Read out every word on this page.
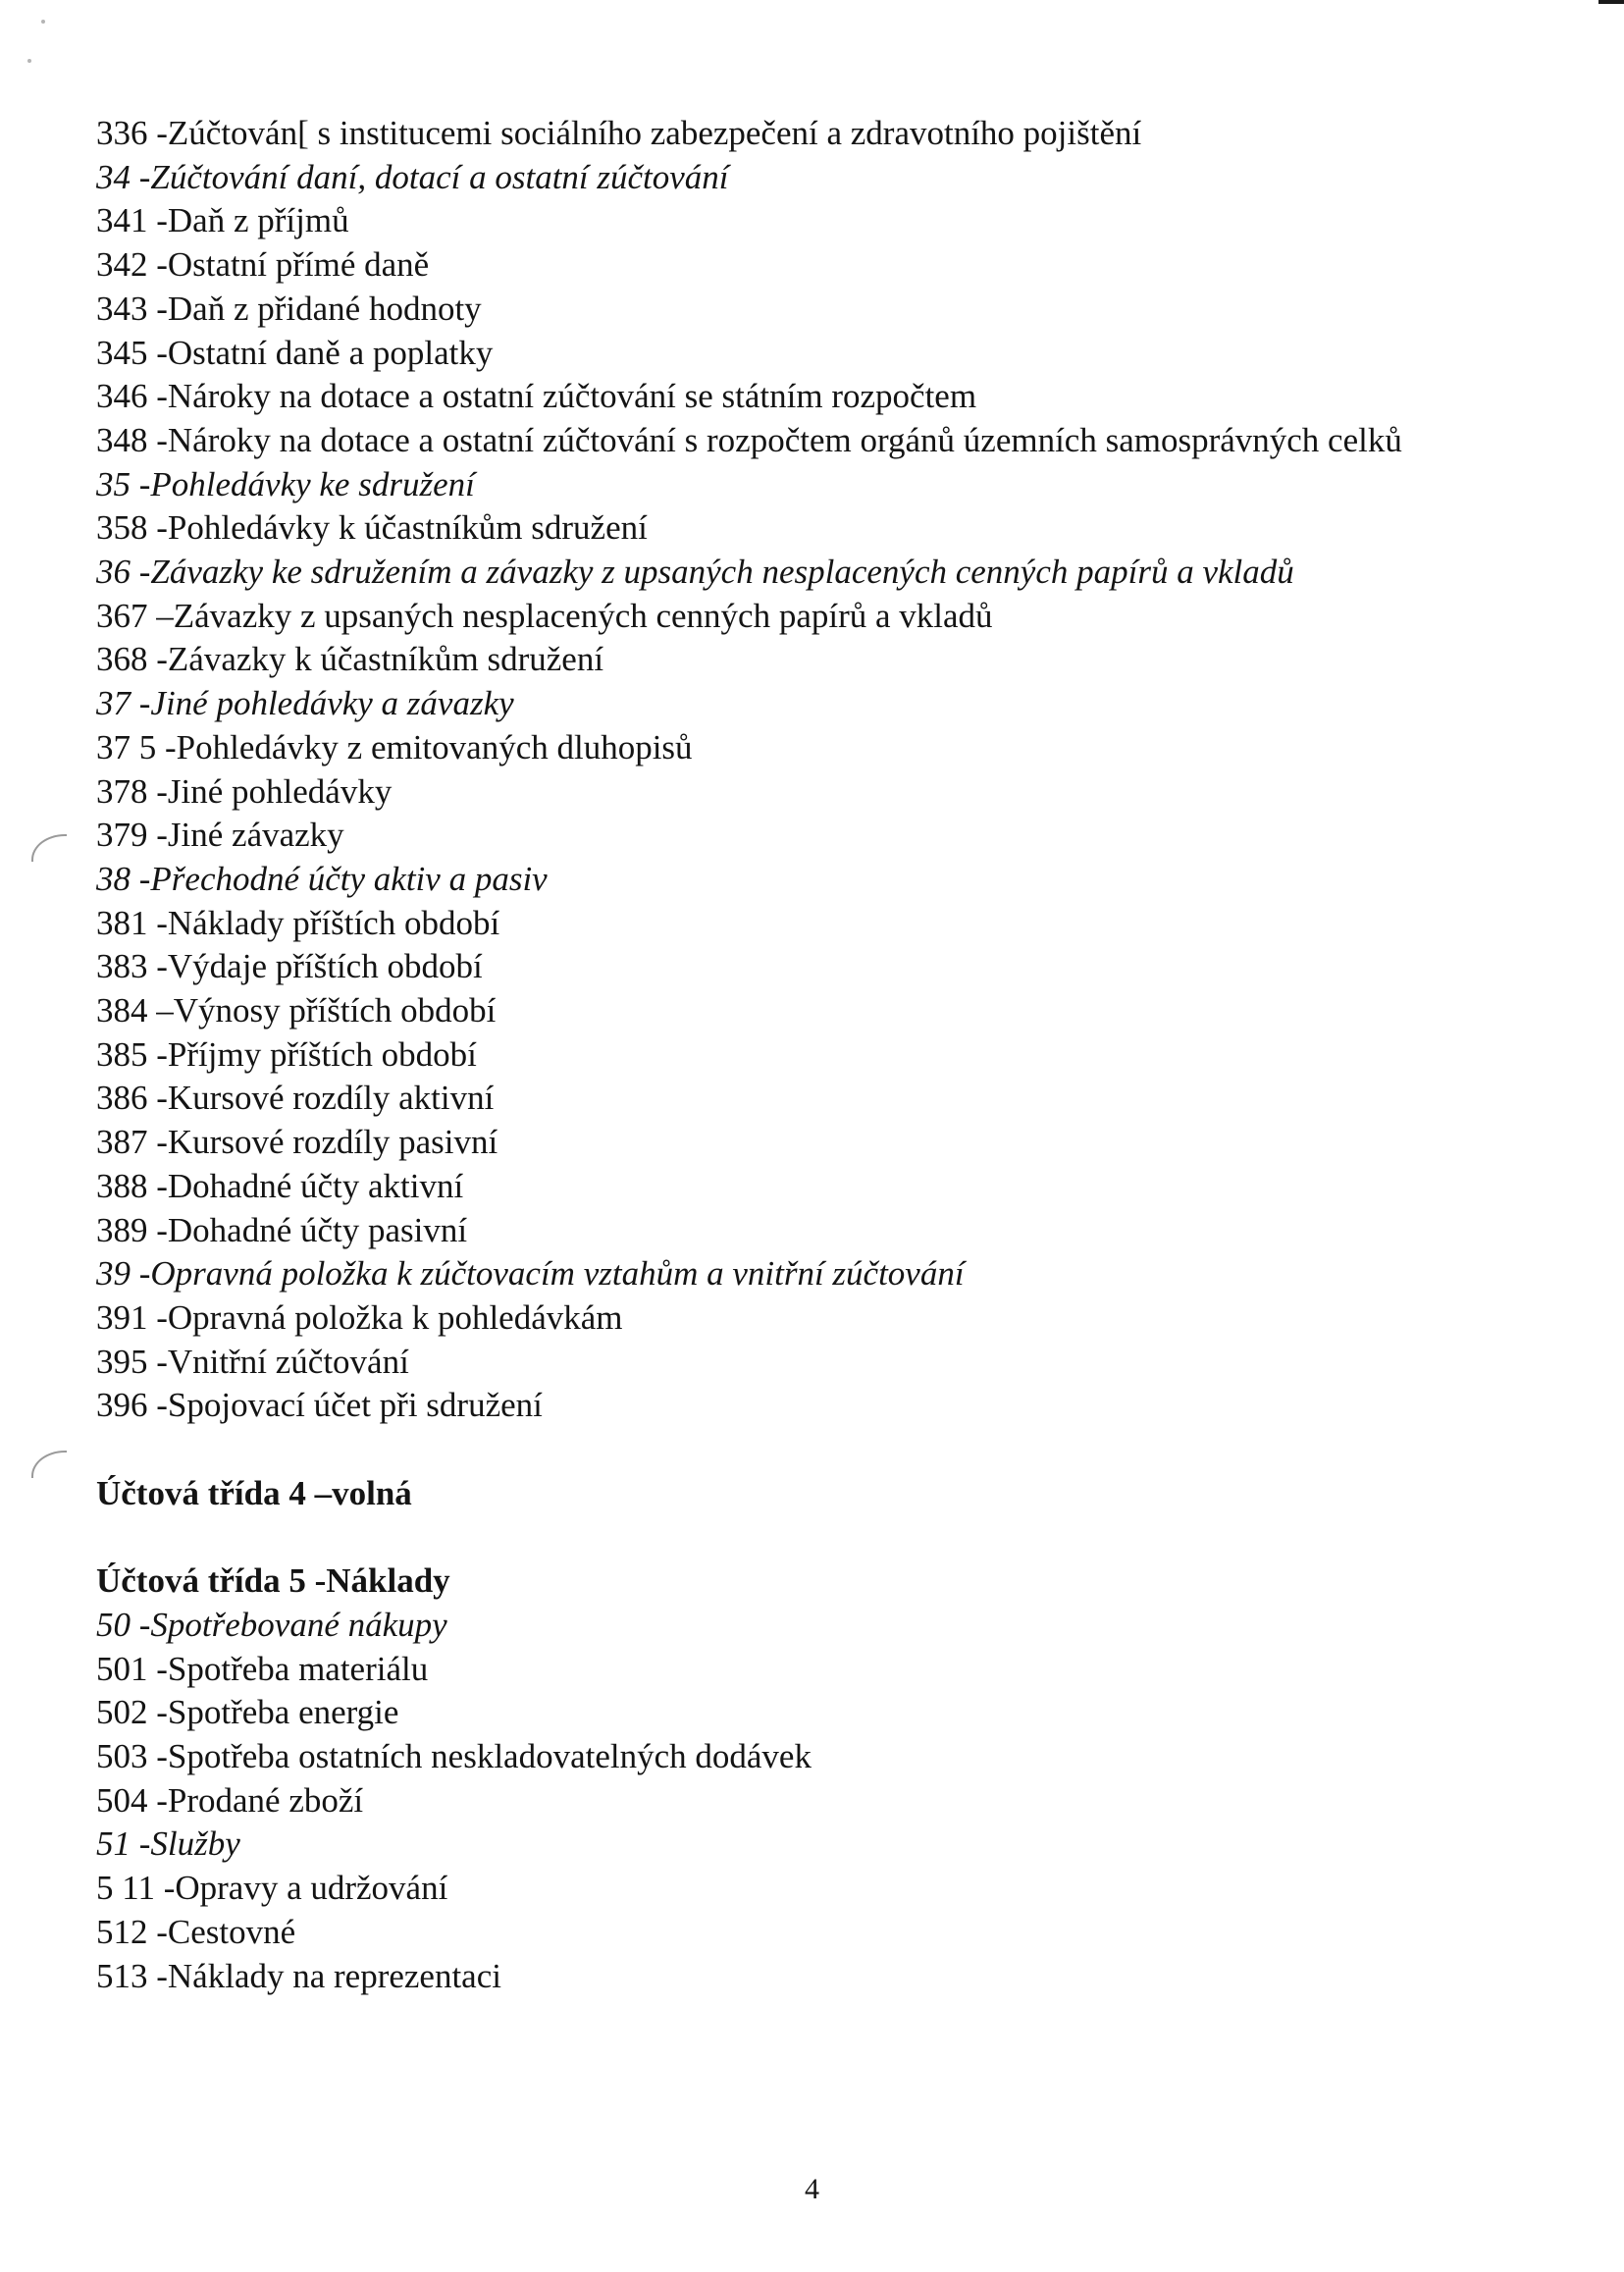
336 -Zúčtován[ s institucemi sociálního zabezpečení a zdravotního pojištění
34 -Zúčtování daní, dotací a ostatní zúčtování
341 -Daň z příjmů
342 -Ostatní přímé daně
343 -Daň z přidané hodnoty
345 -Ostatní daně a poplatky
346 -Nároky na dotace a ostatní zúčtování se státním rozpočtem
348 -Nároky na dotace a ostatní zúčtování s rozpočtem orgánů územních samosprávných celků
35 -Pohledávky ke sdružení
358 -Pohledávky k účastníkům sdružení
36 -Závazky ke sdružením a závazky z upsaných nesplacených cenných papírů a vkladů
367 –Závazky z upsaných nesplacených cenných papírů a vkladů
368 -Závazky k účastníkům sdružení
37 -Jiné pohledávky a závazky
37 5 -Pohledávky z emitovaných dluhopisů
378 -Jiné pohledávky
379 -Jiné závazky
38 -Přechodné účty aktiv a pasiv
381 -Náklady příštích období
383 -Výdaje příštích období
384 –Výnosy příštích období
385 -Příjmy příštích období
386 -Kursové rozdíly aktivní
387 -Kursové rozdíly pasivní
388 -Dohadné účty aktivní
389 -Dohadné účty pasivní
39 -Opravná položka k zúčtovacím vztahům a vnitřní zúčtování
391 -Opravná položka k pohledávkám
395 -Vnitřní zúčtování
396 -Spojovací účet při sdružení
Účtová třída 4 –volná
Účtová třída 5 -Náklady
50 -Spotřebované nákupy
501 -Spotřeba materiálu
502 -Spotřeba energie
503 -Spotřeba ostatních neskladovatelných dodávek
504 -Prodané zboží
51 -Služby
5 11 -Opravy a udržování
512 -Cestovné
513 -Náklady na reprezentaci
4
